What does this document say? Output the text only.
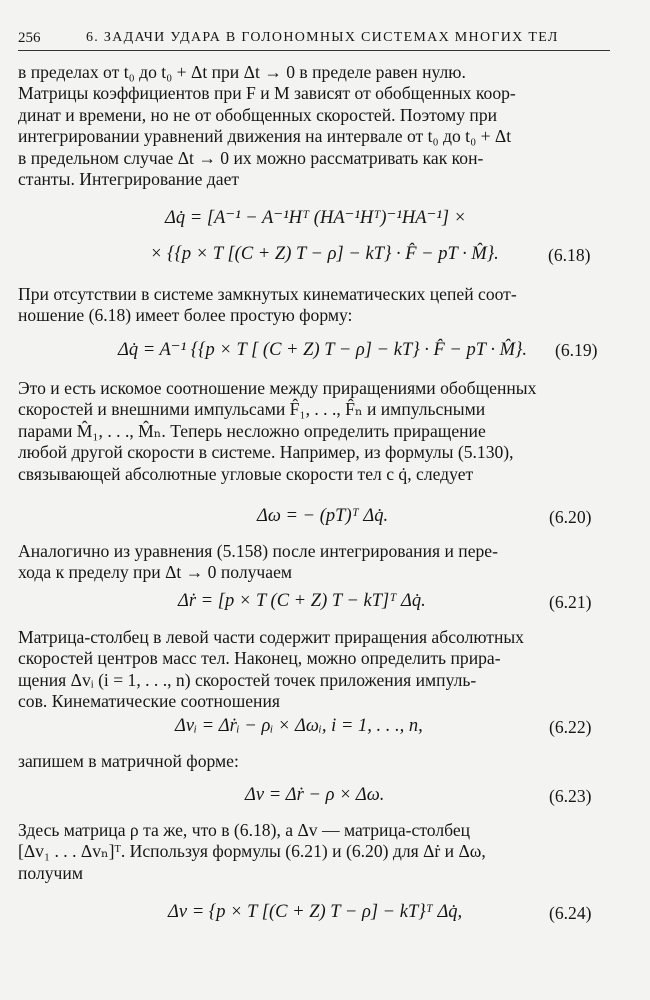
256	6. ЗАДАЧИ УДАРА В ГОЛОНОМНЫХ СИСТЕМАХ МНОГИХ ТЕЛ
в пределах от t₀ до t₀ + Δt при Δt → 0 в пределе равен нулю.
Матрицы коэффициентов при F и M зависят от обобщенных коор-
динат и времени, но не от обобщенных скоростей. Поэтому при
интегрировании уравнений движения на интервале от t₀ до t₀ + Δt
в предельном случае Δt → 0 их можно рассматривать как кон-
станты. Интегрирование дает
Δq̇ = [A⁻¹ − A⁻¹Hᵀ (HA⁻¹Hᵀ)⁻¹HA⁻¹] ×
× {{p × T [(C + Z) T − ρ] − kT} · F̂ − pT · M̂}.	(6.18)
При отсутствии в системе замкнутых кинематических цепей соот-
ношение (6.18) имеет более простую форму:
Δq̇ = A⁻¹ {{p × T [ (C + Z) T − ρ] − kT} · F̂ − pT · M̂}. (6.19)
Это и есть искомое соотношение между приращениями обобщенных
скоростей и внешними импульсами F̂₁, . . ., F̂ₙ и импульсными
парами M̂₁, . . ., M̂ₙ. Теперь несложно определить приращение
любой другой скорости в системе. Например, из формулы (5.130),
связывающей абсолютные угловые скорости тел с q̇, следует
Δω = − (pT)ᵀ Δq̇.	(6.20)
Аналогично из уравнения (5.158) после интегрирования и пере-
хода к пределу при Δt → 0 получаем
Δṙ = [p × T (C + Z) T − kT]ᵀ Δq̇.	(6.21)
Матрица-столбец в левой части содержит приращения абсолютных
скоростей центров масс тел. Наконец, можно определить прира-
щения Δvᵢ (i = 1, . . ., n) скоростей точек приложения импуль-
сов. Кинематические соотношения
Δvᵢ = Δṙᵢ − ρᵢ × Δωᵢ, i = 1, . . ., n,	(6.22)
запишем в матричной форме:
Δv = Δṙ − ρ × Δω.	(6.23)
Здесь матрица ρ та же, что в (6.18), а Δv — матрица-столбец
[Δv₁ . . . Δvₙ]ᵀ. Используя формулы (6.21) и (6.20) для Δṙ и Δω,
получим
Δv = {p × T [(C + Z) T − ρ] − kT}ᵀ Δq̇,	(6.24)
